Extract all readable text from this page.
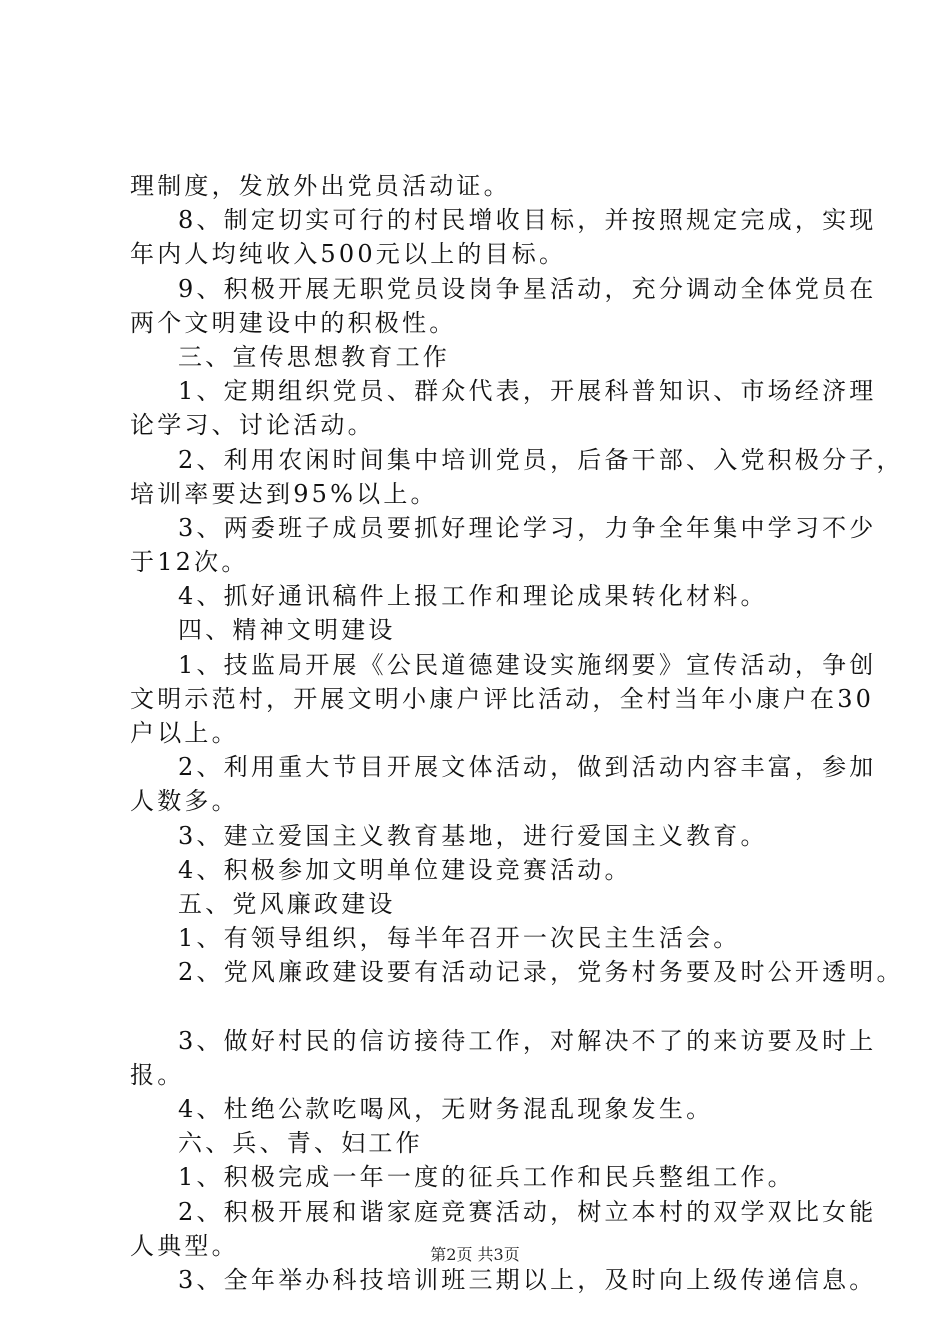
理制度，发放外出党员活动证。
8、制定切实可行的村民增收目标，并按照规定完成，实现
年内人均纯收入500元以上的目标。
9、积极开展无职党员设岗争星活动，充分调动全体党员在
两个文明建设中的积极性。
三、宣传思想教育工作
1、定期组织党员、群众代表，开展科普知识、市场经济理
论学习、讨论活动。
2、利用农闲时间集中培训党员，后备干部、入党积极分子，
培训率要达到95%以上。
3、两委班子成员要抓好理论学习，力争全年集中学习不少
于12次。
4、抓好通讯稿件上报工作和理论成果转化材料。
四、精神文明建设
1、技监局开展《公民道德建设实施纲要》宣传活动，争创
文明示范村，开展文明小康户评比活动，全村当年小康户在30
户以上。
2、利用重大节目开展文体活动，做到活动内容丰富，参加
人数多。
3、建立爱国主义教育基地，进行爱国主义教育。
4、积极参加文明单位建设竞赛活动。
五、党风廉政建设
1、有领导组织，每半年召开一次民主生活会。
2、党风廉政建设要有活动记录，党务村务要及时公开透明。
3、做好村民的信访接待工作，对解决不了的来访要及时上
报。
4、杜绝公款吃喝风，无财务混乱现象发生。
六、兵、青、妇工作
1、积极完成一年一度的征兵工作和民兵整组工作。
2、积极开展和谐家庭竞赛活动，树立本村的双学双比女能
人典型。
3、全年举办科技培训班三期以上，及时向上级传递信息。
第2页 共3页
